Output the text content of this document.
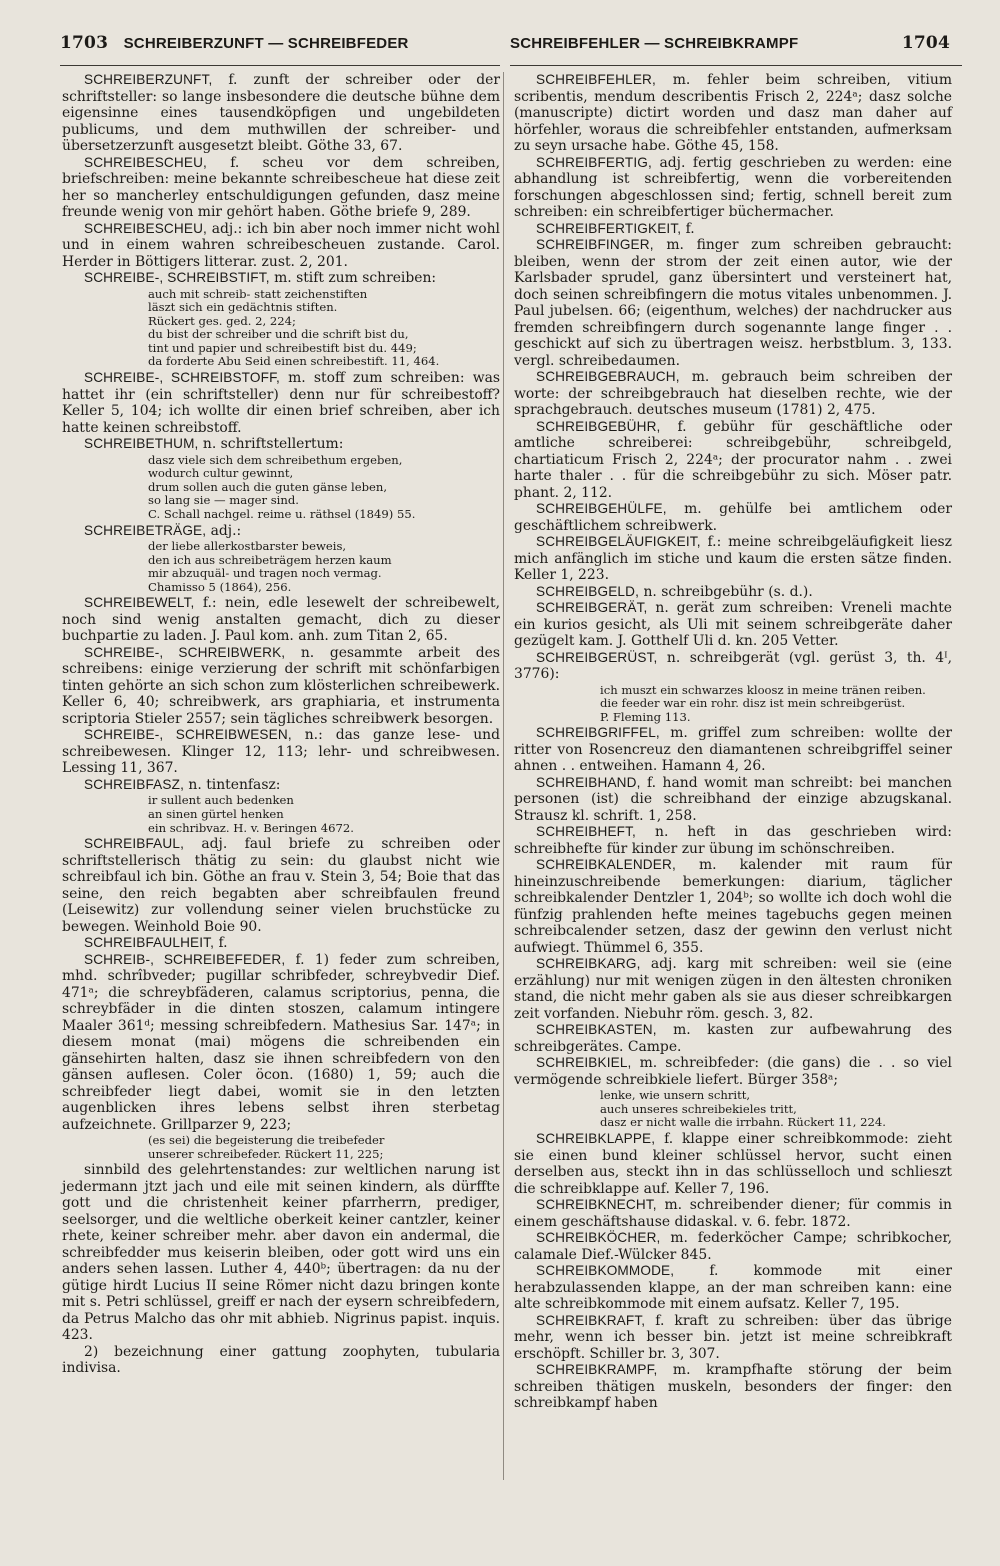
1703 SCHREIBERZUNFT — SCHREIBFEDER	SCHREIBFEHLER — SCHREIBKRAMPF	1704

SCHREIBERZUNFT, f. zunft der schreiber oder der schriftsteller: so lange insbesondere die deutsche bühne dem eigensinne eines tausendköpfigen und ungebildeten publicums, und dem muthwillen der schreiber- und übersetzerzunft ausgesetzt bleibt. Göthe 33, 67.

SCHREIBESCHEU, f. scheu vor dem schreiben, briefschreiben: meine bekannte schreibescheue hat diese zeit her so mancherley entschuldigungen gefunden, dasz meine freunde wenig von mir gehört haben. Göthe briefe 9, 289.

SCHREIBESCHEU, adj.: ich bin aber noch immer nicht wohl und in einem wahren schreibescheuen zustande. Carol. Herder in Böttigers litterar. zust. 2, 201.

SCHREIBE-, SCHREIBSTIFT, m. stift zum schreiben:

auch mit schreib- statt zeichenstiften
läszt sich ein gedächtnis stiften.
Rückert ges. ged. 2, 224;
du bist der schreiber und die schrift bist du,
tint und papier und schreibestift bist du. 449;
da forderte Abu Seid einen schreibestift. 11, 464.

SCHREIBE-, SCHREIBSTOFF, m. stoff zum schreiben: was hattet ihr (ein schriftsteller) denn nur für schreibestoff? Keller 5, 104; ich wollte dir einen brief schreiben, aber ich hatte keinen schreibstoff.

SCHREIBETHUM, n. schriftstellertum:

dasz viele sich dem schreibethum ergeben,
wodurch cultur gewinnt,
drum sollen auch die guten gänse leben,
so lang sie — mager sind.
C. Schall nachgel. reime u. räthsel (1849) 55.

SCHREIBETRÄGE, adj.:

der liebe allerkostbarster beweis,
den ich aus schreibeträgem herzen kaum
mir abzuquäl- und tragen noch vermag.
Chamisso 5 (1864), 256.

SCHREIBEWELT, f.: nein, edle lesewelt der schreibewelt, noch sind wenig anstalten gemacht, dich zu dieser buchpartie zu laden. J. Paul kom. anh. zum Titan 2, 65.

SCHREIBE-, SCHREIBWERK, n. gesammte arbeit des schreibens: einige verzierung der schrift mit schönfarbigen tinten gehörte an sich schon zum klösterlichen schreibewerk. Keller 6, 40; schreibwerk, ars graphiaria, et instrumenta scriptoria Stieler 2557; sein tägliches schreibwerk besorgen.

SCHREIBE-, SCHREIBWESEN, n.: das ganze lese- und schreibewesen. Klinger 12, 113; lehr- und schreibwesen. Lessing 11, 367.

SCHREIBFASZ, n. tintenfasz:

ir sullent auch bedenken
an sinen gürtel henken
ein schribvaz. H. v. Beringen 4672.

SCHREIBFAUL, adj. faul briefe zu schreiben oder schriftstellerisch thätig zu sein: du glaubst nicht wie schreibfaul ich bin. Göthe an frau v. Stein 3, 54; Boie that das seine, den reich begabten aber schreibfaulen freund (Leisewitz) zur vollendung seiner vielen bruchstücke zu bewegen. Weinhold Boie 90.

SCHREIBFAULHEIT, f.

SCHREIB-, SCHREIBEFEDER, f. 1) feder zum schreiben, mhd. schrîbveder; pugillar schribfeder, schreybvedir Dief. 471ᵃ; die schreybfäderen, calamus scriptorius, penna, die schreybfäder in die dinten stoszen, calamum intingere Maaler 361ᵈ; messing schreibfedern. Mathesius Sar. 147ᵃ; in diesem monat (mai) mögens die schreibenden ein gänsehirten halten, dasz sie ihnen schreibfedern von den gänsen auflesen. Coler öcon. (1680) 1, 59; auch die schreibfeder liegt dabei, womit sie in den letzten augenblicken ihres lebens selbst ihren sterbetag aufzeichnete. Grillparzer 9, 223;

(es sei) die begeisterung die treibefeder
unserer schreibefeder. Rückert 11, 225;

sinnbild des gelehrtenstandes: zur weltlichen narung ist jedermann jtzt jach und eile mit seinen kindern, als dürffte gott und die christenheit keiner pfarrherrn, prediger, seelsorger, und die weltliche oberkeit keiner cantzler, keiner rhete, keiner schreiber mehr. aber davon ein andermal, die schreibfedder mus keiserin bleiben, oder gott wird uns ein anders sehen lassen. Luther 4, 440ᵇ; übertragen: da nu der gütige hirdt Lucius II seine Römer nicht dazu bringen konte mit s. Petri schlüssel, greiff er nach der eysern schreibfedern, da Petrus Malcho das ohr mit abhieb. Nigrinus papist. inquis. 423.

2) bezeichnung einer gattung zoophyten, tubularia indivisa.

SCHREIBFEHLER, m. fehler beim schreiben, vitium scribentis, mendum describentis Frisch 2, 224ᵃ; dasz solche (manuscripte) dictirt worden und dasz man daher auf hörfehler, woraus die schreibfehler entstanden, aufmerksam zu seyn ursache habe. Göthe 45, 158.

SCHREIBFERTIG, adj. fertig geschrieben zu werden: eine abhandlung ist schreibfertig, wenn die vorbereitenden forschungen abgeschlossen sind; fertig, schnell bereit zum schreiben: ein schreibfertiger büchermacher.

SCHREIBFERTIGKEIT, f.

SCHREIBFINGER, m. finger zum schreiben gebraucht: bleiben, wenn der strom der zeit einen autor, wie der Karlsbader sprudel, ganz übersintert und versteinert hat, doch seinen schreibfingern die motus vitales unbenommen. J. Paul jubelsen. 66; (eigenthum, welches) der nachdrucker aus fremden schreibfingern durch sogenannte lange finger . . geschickt auf sich zu übertragen weisz. herbstblum. 3, 133. vergl. schreibedaumen.

SCHREIBGEBRAUCH, m. gebrauch beim schreiben der worte: der schreibgebrauch hat dieselben rechte, wie der sprachgebrauch. deutsches museum (1781) 2, 475.

SCHREIBGEBÜHR, f. gebühr für geschäftliche oder amtliche schreiberei: schreibgebühr, schreibgeld, chartiaticum Frisch 2, 224ᵃ; der procurator nahm . . zwei harte thaler . . für die schreibgebühr zu sich. Möser patr. phant. 2, 112.

SCHREIBGEHÜLFE, m. gehülfe bei amtlichem oder geschäftlichem schreibwerk.

SCHREIBGELÄUFIGKEIT, f.: meine schreibgeläufigkeit liesz mich anfänglich im stiche und kaum die ersten sätze finden. Keller 1, 223.

SCHREIBGELD, n. schreibgebühr (s. d.).

SCHREIBGERÄT, n. gerät zum schreiben: Vreneli machte ein kurios gesicht, als Uli mit seinem schreibgeräte daher gezügelt kam. J. Gotthelf Uli d. kn. 205 Vetter.

SCHREIBGERÜST, n. schreibgerät (vgl. gerüst 3, th. 4ᴵ, 3776):

ich muszt ein schwarzes kloosz in meine tränen reiben.
die feeder war ein rohr. disz ist mein schreibgerüst.
P. Fleming 113.

SCHREIBGRIFFEL, m. griffel zum schreiben: wollte der ritter von Rosencreuz den diamantenen schreibgriffel seiner ahnen . . entweihen. Hamann 4, 26.

SCHREIBHAND, f. hand womit man schreibt: bei manchen personen (ist) die schreibhand der einzige abzugskanal. Strausz kl. schrift. 1, 258.

SCHREIBHEFT, n. heft in das geschrieben wird: schreibhefte für kinder zur übung im schönschreiben.

SCHREIBKALENDER, m. kalender mit raum für hineinzuschreibende bemerkungen: diarium, täglicher schreibkalender Dentzler 1, 204ᵇ; so wollte ich doch wohl die fünfzig prahlenden hefte meines tagebuchs gegen meinen schreibcalender setzen, dasz der gewinn den verlust nicht aufwiegt. Thümmel 6, 355.

SCHREIBKARG, adj. karg mit schreiben: weil sie (eine erzählung) nur mit wenigen zügen in den ältesten chroniken stand, die nicht mehr gaben als sie aus dieser schreibkargen zeit vorfanden. Niebuhr röm. gesch. 3, 82.

SCHREIBKASTEN, m. kasten zur aufbewahrung des schreibgerätes. Campe.

SCHREIBKIEL, m. schreibfeder: (die gans) die . . so viel vermögende schreibkiele liefert. Bürger 358ᵃ;

lenke, wie unsern schritt,
auch unseres schreibekieles tritt,
dasz er nicht walle die irrbahn. Rückert 11, 224.

SCHREIBKLAPPE, f. klappe einer schreibkommode: zieht sie einen bund kleiner schlüssel hervor, sucht einen derselben aus, steckt ihn in das schlüsselloch und schlieszt die schreibklappe auf. Keller 7, 196.

SCHREIBKNECHT, m. schreibender diener; für commis in einem geschäftshause didaskal. v. 6. febr. 1872.

SCHREIBKÖCHER, m. federköcher Campe; schribkocher, calamale Dief.-Wülcker 845.

SCHREIBKOMMODE,	f. kommode mit einer herabzulassenden klappe, an der man schreiben kann: eine alte schreibkommode mit einem aufsatz. Keller 7, 195.

SCHREIBKRAFT, f. kraft zu schreiben: über das übrige mehr, wenn ich besser bin. jetzt ist meine schreibkraft erschöpft. Schiller br. 3, 307.

SCHREIBKRAMPF, m. krampfhafte störung der beim schreiben thätigen muskeln, besonders der finger: den schreibkampf haben
